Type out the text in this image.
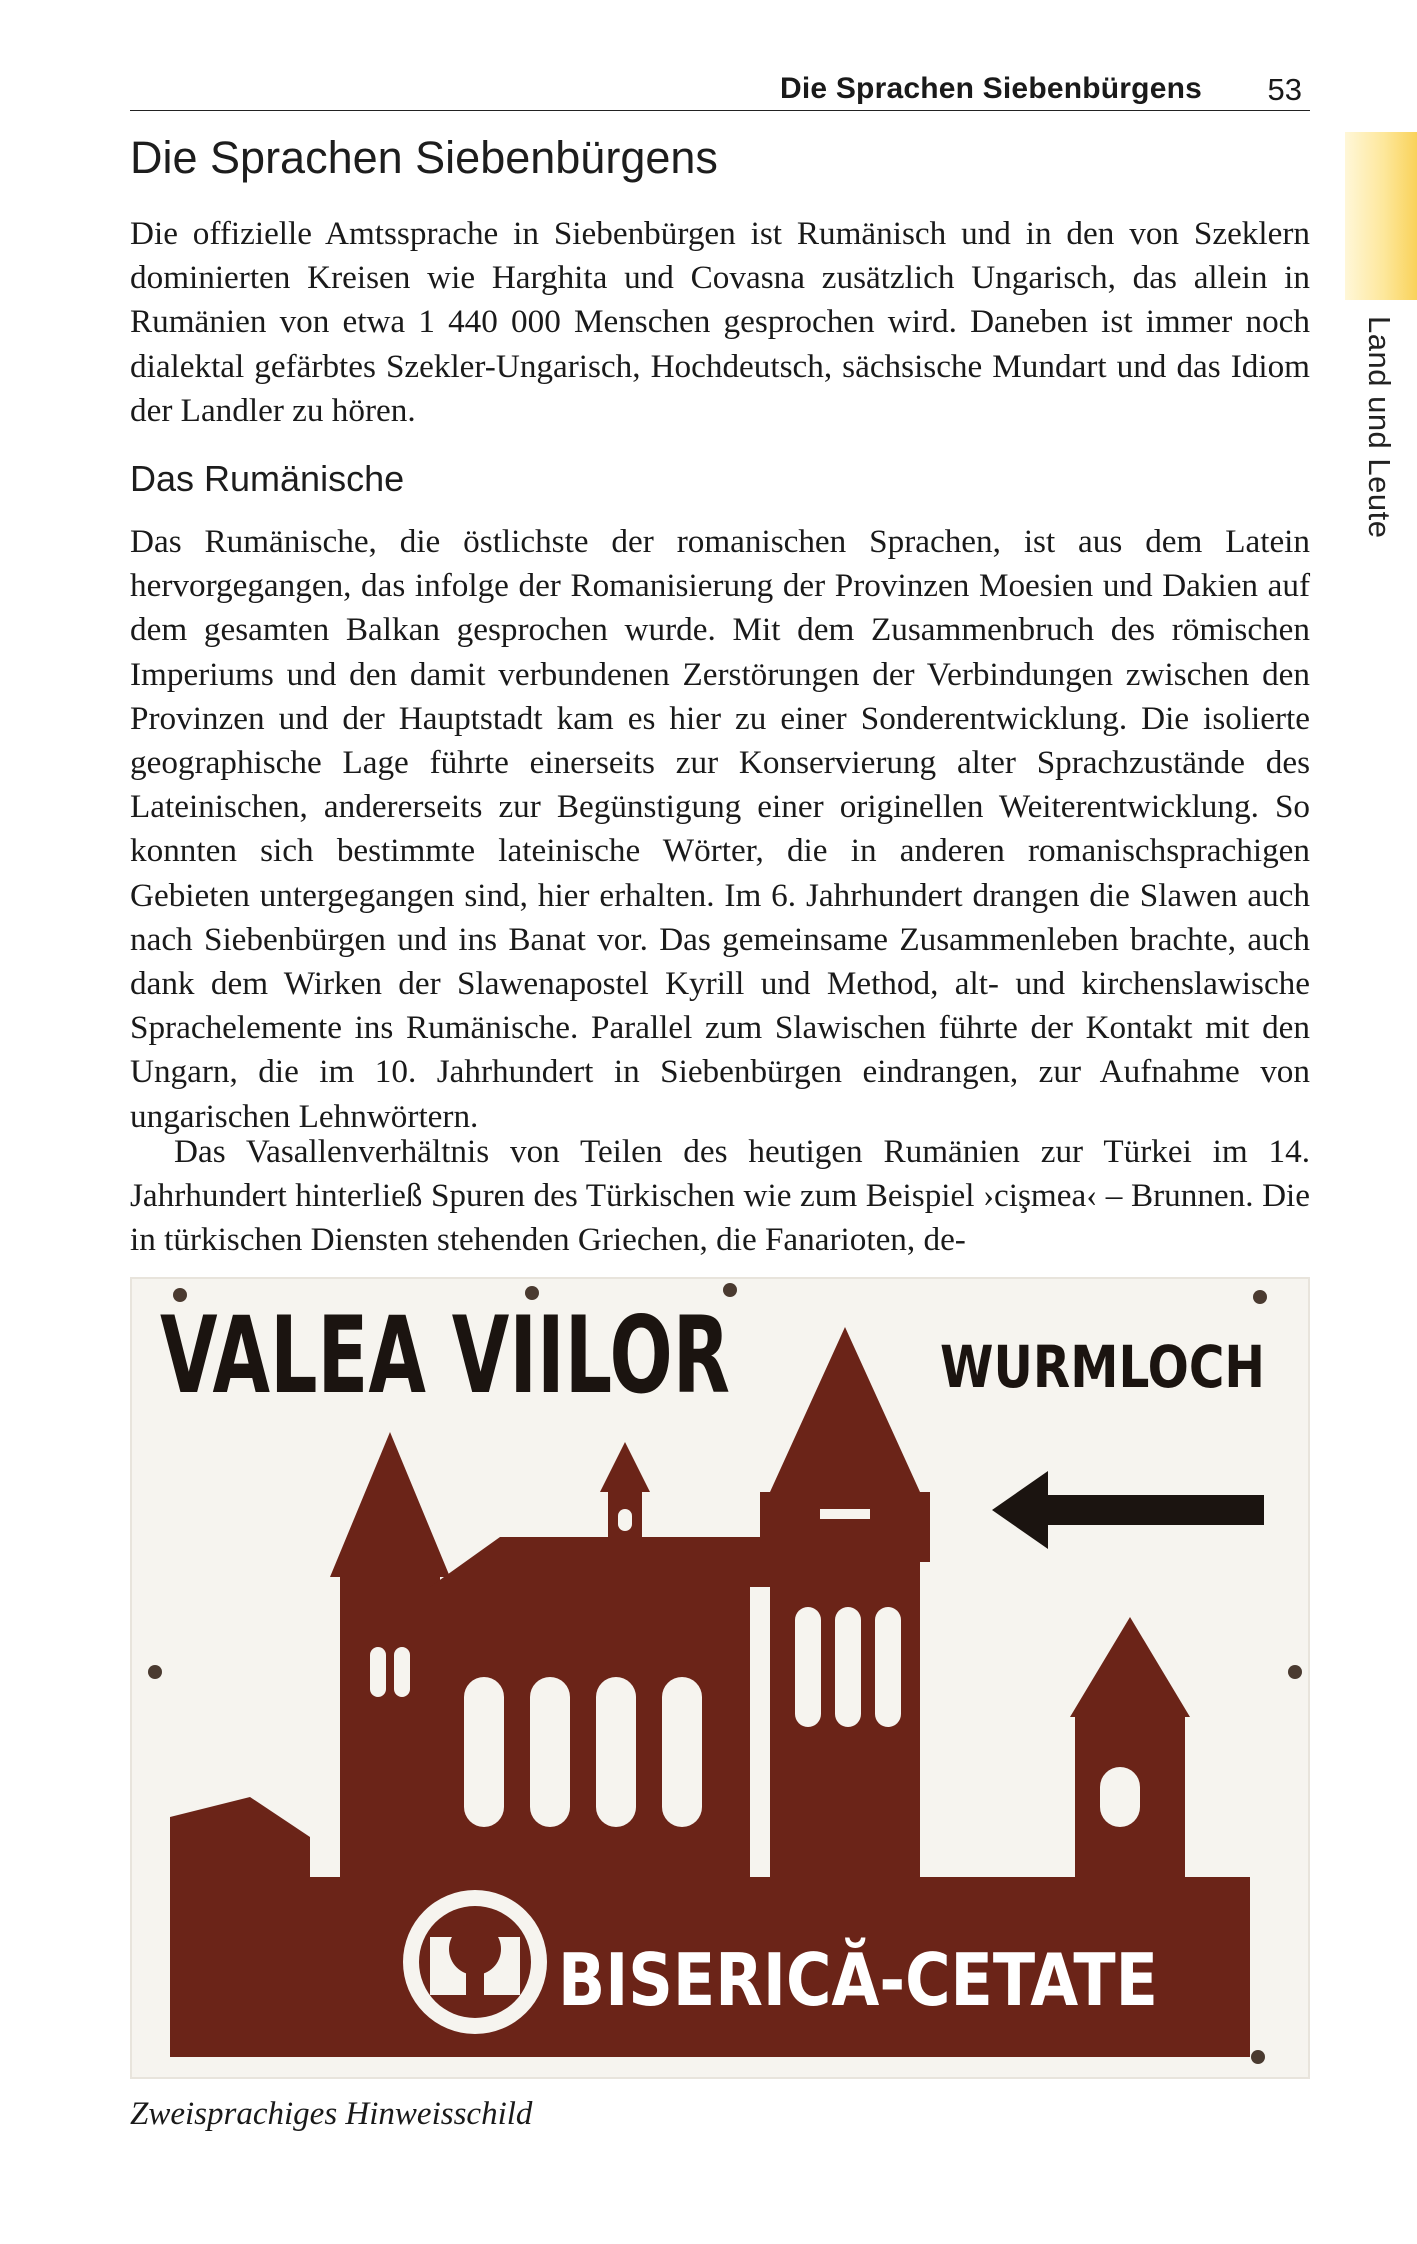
Die Sprachen Siebenbürgens 53
Land und Leute
Die Sprachen Siebenbürgens

Die offizielle Amtssprache in Siebenbürgen ist Rumänisch und in den von Szeklern dominierten Kreisen wie Harghita und Covasna zusätzlich Ungarisch, das allein in Rumänien von etwa 1 440 000 Menschen gesprochen wird. Daneben ist immer noch dialektal gefärbtes Szekler-Ungarisch, Hochdeutsch, sächsische Mundart und das Idiom der Landler zu hören.

Das Rumänische

Das Rumänische, die östlichste der romanischen Sprachen, ist aus dem Latein hervorgegangen, das infolge der Romanisierung der Provinzen Moesien und Dakien auf dem gesamten Balkan gesprochen wurde. Mit dem Zusammenbruch des römischen Imperiums und den damit verbundenen Zerstörungen der Verbindungen zwischen den Provinzen und der Hauptstadt kam es hier zu einer Sonderentwicklung. Die isolierte geographische Lage führte einerseits zur Konservierung alter Sprachzustände des Lateinischen, andererseits zur Begünstigung einer originellen Weiterentwicklung. So konnten sich bestimmte lateinische Wörter, die in anderen romanischsprachigen Gebieten untergegangen sind, hier erhalten. Im 6. Jahrhundert drangen die Slawen auch nach Siebenbürgen und ins Banat vor. Das gemeinsame Zusammenleben brachte, auch dank dem Wirken der Slawenapostel Kyrill und Method, alt- und kirchenslawische Sprachelemente ins Rumänische. Parallel zum Slawischen führte der Kontakt mit den Ungarn, die im 10. Jahrhundert in Siebenbürgen eindrangen, zur Aufnahme von ungarischen Lehnwörtern.

Das Vasallenverhältnis von Teilen des heutigen Rumänien zur Türkei im 14. Jahrhundert hinterließ Spuren des Türkischen wie zum Beispiel ›cişmea‹ – Brunnen. Die in türkischen Diensten stehenden Griechen, die Fanarioten, de-

VALEA VIILOR	WURMLOCH
BISERICĂ-CETATE

Zweisprachiges Hinweisschild
